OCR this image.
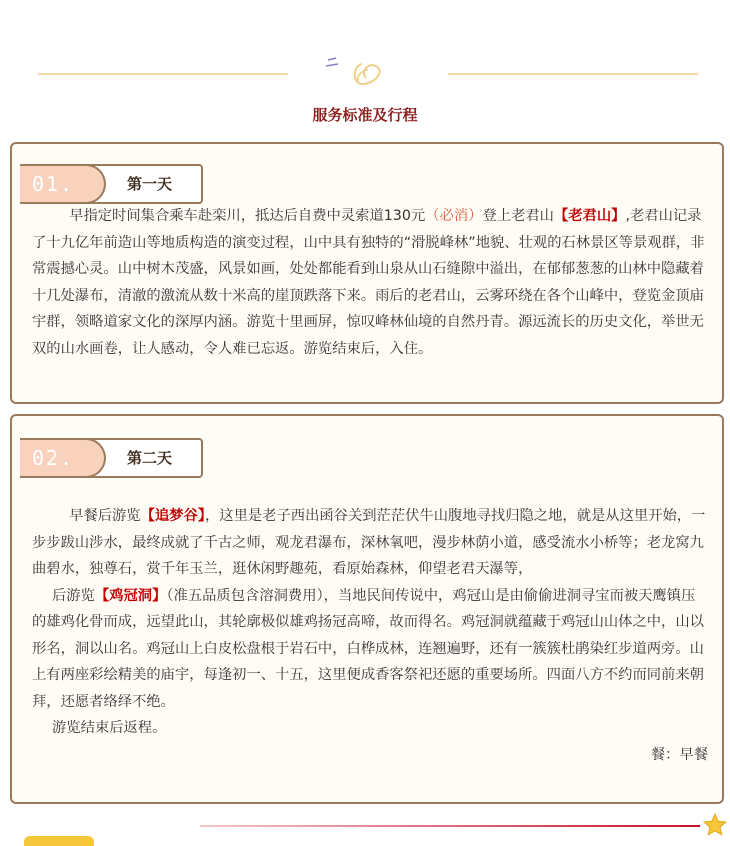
服务标准及行程
01.	第一天

早指定时间集合乘车赴栾川，抵达后自费中灵索道130元（必消）登上老君山【老君山】,老君山记录了十九亿年前造山等地质构造的演变过程，山中具有独特的“滑脱峰林”地貌、壮观的石林景区等景观群，非常震撼心灵。山中树木茂盛，风景如画，处处都能看到山泉从山石缝隙中溢出，在郁郁葱葱的山林中隐藏着十几处瀑布，清澈的激流从数十米高的崖顶跌落下来。雨后的老君山，云雾环绕在各个山峰中，登览金顶庙宇群，领略道家文化的深厚内涵。游览十里画屏，惊叹峰林仙境的自然丹青。源远流长的历史文化，举世无双的山水画卷，让人感动，令人难已忘返。游览结束后，入住。

02.	第二天

早餐后游览【追梦谷】，这里是老子西出函谷关到茫茫伏牛山腹地寻找归隐之地，就是从这里开始，一步步跋山涉水，最终成就了千古之师，观龙君瀑布，深林氧吧，漫步林荫小道，感受流水小桥等；老龙窝九曲碧水，独尊石，赏千年玉兰，逛休闲野趣苑，看原始森林，仰望老君天瀑等，

后游览【鸡冠洞】（准五品质包含溶洞费用），当地民间传说中，鸡冠山是由偷偷进洞寻宝而被天鹰镇压的雄鸡化骨而成，远望此山，其轮廓极似雄鸡扬冠高啼，故而得名。鸡冠洞就蕴藏于鸡冠山山体之中，山以形名，洞以山名。鸡冠山上白皮松盘根于岩石中，白桦成林，连翘遍野，还有一簇簇杜鹃染红步道两旁。山上有两座彩绘精美的庙宇，每逢初一、十五，这里便成香客祭祀还愿的重要场所。四面八方不约而同前来朝拜，还愿者络绎不绝。

游览结束后返程。

餐：早餐
